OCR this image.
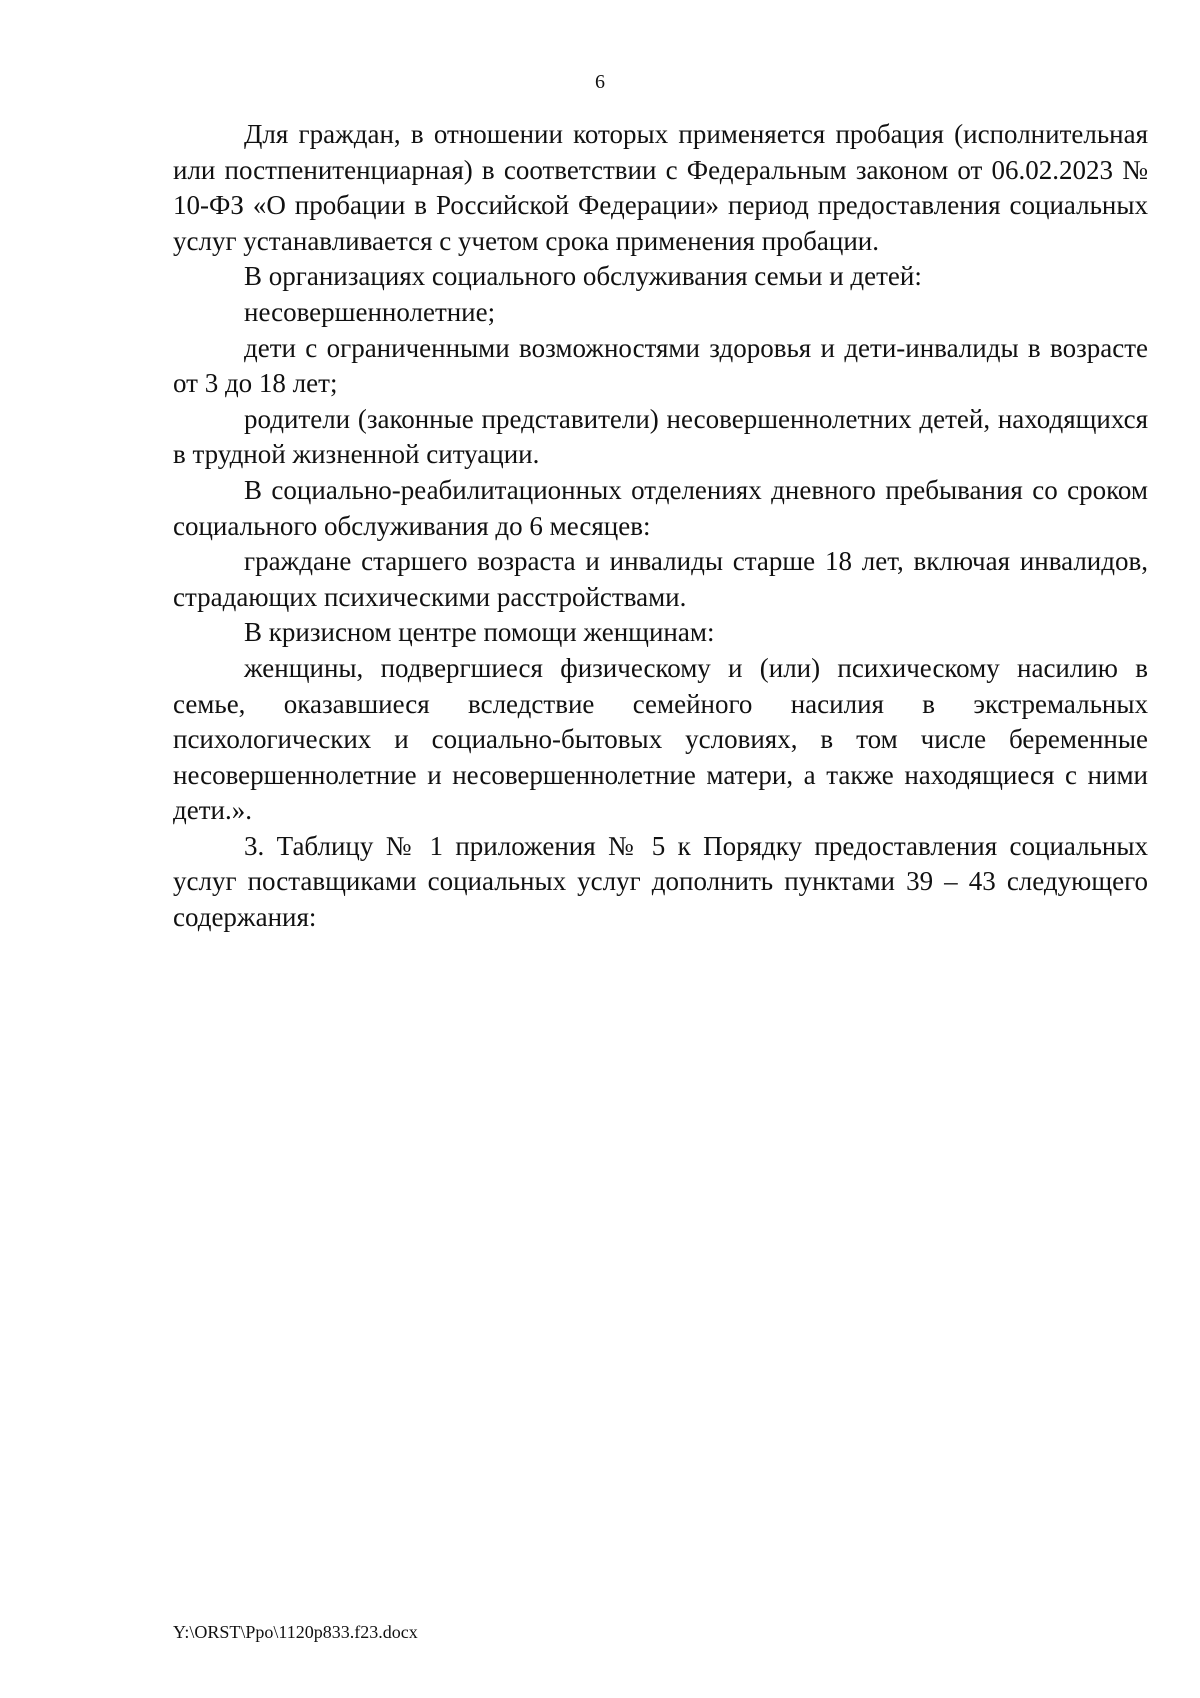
6

Для граждан, в отношении которых применяется пробация (исполнительная или постпенитенциарная) в соответствии с Федеральным законом от 06.02.2023 № 10-ФЗ «О пробации в Российской Федерации» период предоставления социальных услуг устанавливается с учетом срока применения пробации.

В организациях социального обслуживания семьи и детей:

несовершеннолетние;

дети с ограниченными возможностями здоровья и дети-инвалиды в возрасте от 3 до 18 лет;

родители (законные представители) несовершеннолетних детей, находящихся в трудной жизненной ситуации.

В социально-реабилитационных отделениях дневного пребывания со сроком социального обслуживания до 6 месяцев:

граждане старшего возраста и инвалиды старше 18 лет, включая инвалидов, страдающих психическими расстройствами.

В кризисном центре помощи женщинам:

женщины, подвергшиеся физическому и (или) психическому насилию в семье, оказавшиеся вследствие семейного насилия в экстремальных психологических и социально-бытовых условиях, в том числе беременные несовершеннолетние и несовершеннолетние матери, а также находящиеся с ними дети.».

3. Таблицу № 1 приложения № 5 к Порядку предоставления социальных услуг поставщиками социальных услуг дополнить пунктами 39 – 43 следующего содержания:

Y:\ORST\Ppo\1120p833.f23.docx
